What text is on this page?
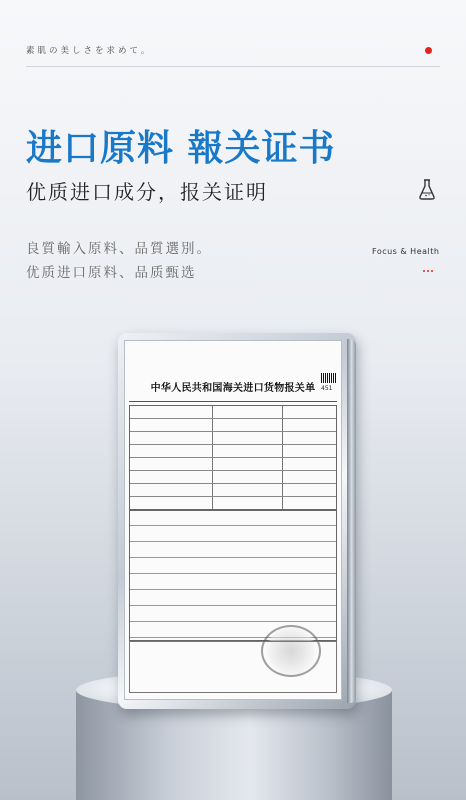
素肌の美しさを求めて。
进口原料 報关证书
优质进口成分，报关证明
良質輸入原料、品質選別。
优质进口原料、品质甄选
Focus & Health
中华人民共和国海关进口货物报关单 451
